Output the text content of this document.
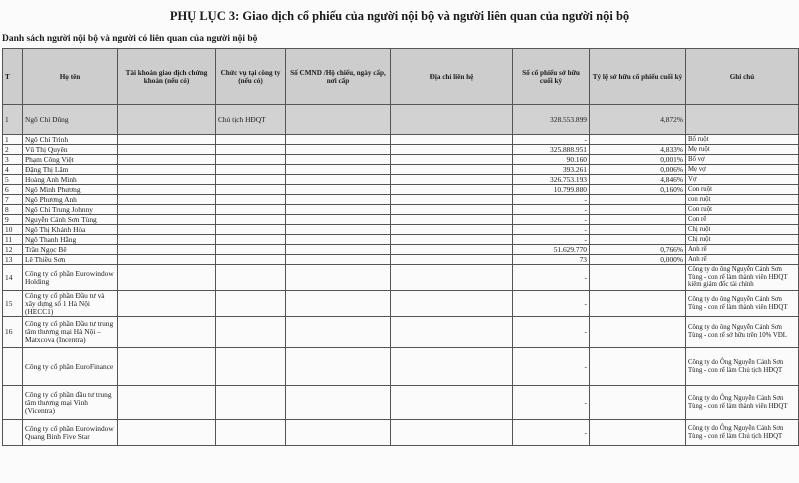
PHỤ LỤC 3: Giao dịch cổ phiếu của người nội bộ và người liên quan của người nội bộ
Danh sách người nội bộ và người có liên quan của người nội bộ
T	Họ tên	Tài khoản giao dịch chứng khoán (nếu có)	Chức vụ tại công ty (nếu có)	Số CMND /Hộ chiếu, ngày cấp, nơi cấp	Địa chỉ liên hệ	Số cổ phiếu sở hữu cuối kỳ	Tỷ lệ sở hữu cổ phiếu cuối kỳ	Ghi chú
1	Ngô Chí Dũng		Chủ tịch HĐQT			328.553.899	4,872%	
1	Ngô Chí Trình					-		Bố ruột
2	Vũ Thị Quyên					325.888.951	4,833%	Mẹ ruột
3	Phạm Công Việt					90.160	0,001%	Bố vợ
4	Đặng Thị Lâm					393.261	0,006%	Mẹ vợ
5	Hoàng Anh Minh					326.753.193	4,846%	Vợ
6	Ngô Minh Phương					10.799.880	0,160%	Con ruột
7	Ngô Phương Anh					-		con ruột
8	Ngô Chí Trung Johnny					-		Con ruột
9	Nguyễn Cảnh Sơn Tùng					-		Con rể
10	Ngô Thị Khánh Hòa					-		Chị ruột
11	Ngô Thanh Hằng					-		Chị ruột
12	Trần Ngọc Bê					51.629.770	0,766%	Anh rể
13	Lê Thiều Sơn					73	0,000%	Anh rể
14	Công ty cổ phần Eurowindow Holding					-		Công ty do ông Nguyễn Cảnh Sơn Tùng - con rể làm thành viên HĐQT kiêm giám đốc tài chính
15	Công ty cổ phần Đầu tư và xây dựng số 1 Hà Nội (HECC1)					-		Công ty do ông Nguyễn Cảnh Sơn Tùng - con rể làm thành viên HĐQT
16	Công ty cổ phần Đầu tư trung tâm thương mại Hà Nội – Matxcova (Incentra)					-		Công ty do ông Nguyễn Cảnh Sơn Tùng - con rể sở hữu trên 10% VĐL
	Công ty cổ phần EuroFinance					-		Công ty do Ông Nguyễn Cảnh Sơn Tùng - con rể làm Chủ tịch HĐQT
	Công ty cổ phần đầu tư trung tâm thương mại Vinh (Vicentra)					-		Công ty do Ông Nguyễn Cảnh Sơn Tùng - con rể làm thành viên HĐQT
	Công ty cổ phần Eurowindow Quang Binh Five Star					-		Công ty do Ông Nguyễn Cảnh Sơn Tùng - con rể làm Chủ tịch HĐQT
